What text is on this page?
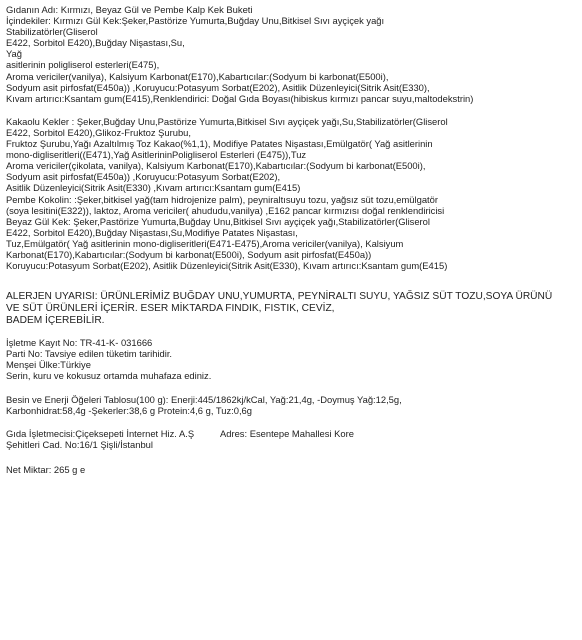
Gıdanın Adı: Kırmızı, Beyaz Gül ve Pembe Kalp Kek Buketi
İçindekiler: Kırmızı Gül Kek:Şeker,Pastörize Yumurta,Buğday Unu,Bitkisel Sıvı ayçiçek yağı
Stabilizatörler(Gliserol
E422, Sorbitol E420),Buğday Nişastası,Su,
Yağ
asitlerinin poligliserol esterleri(E475),
Aroma vericiler(vanilya), Kalsiyum Karbonat(E170),Kabartıcılar:(Sodyum bi karbonat(E500i),
Sodyum asit pirfosfat(E450a)) ,Koruyucu:Potasyum Sorbat(E202), Asitlik Düzenleyici(Sitrik Asit(E330),
Kıvam artırıcı:Ksantam gum(E415),Renklendirici: Doğal Gıda Boyası(hibiskus kırmızı pancar suyu,maltodekstrin)
Kakaolu Kekler : Şeker,Buğday Unu,Pastörize Yumurta,Bitkisel Sıvı ayçiçek yağı,Su,Stabilizatörler(Gliserol
E422, Sorbitol E420),Glikoz-Fruktoz Şurubu,
Fruktoz Şurubu,Yağı Azaltılmış Toz Kakao(%1,1), Modifiye Patates Nişastası,Emülgatör( Yağ asitlerinin
mono-digliseritleri((E471),Yağ AsitlerininPoligliserol Esterleri (E475)),Tuz
Aroma vericiler(çikolata, vanilya), Kalsiyum Karbonat(E170),Kabartıcılar:(Sodyum bi karbonat(E500i),
Sodyum asit pirfosfat(E450a)) ,Koruyucu:Potasyum Sorbat(E202),
Asitlik Düzenleyici(Sitrik Asit(E330) ,Kıvam artırıcı:Ksantam gum(E415)
Pembe Kokolin: :Şeker,bitkisel yağ(tam hidrojenize palm), peyniraltısuyu tozu, yağsız süt tozu,emülgatör
(soya lesitini(E322)), laktoz, Aroma vericiler( ahududu,vanilya) ,E162 pancar kırmızısı doğal renklendiricisi
Beyaz Gül Kek: Şeker,Pastörize Yumurta,Buğday Unu,Bitkisel Sıvı ayçiçek yağı,Stabilizatörler(Gliserol
E422, Sorbitol E420),Buğday Nişastası,Su,Modifiye Patates Nişastası,
Tuz,Emülgatör( Yağ asitlerinin mono-digliseritleri(E471-E475),Aroma vericiler(vanilya), Kalsiyum
Karbonat(E170),Kabartıcılar:(Sodyum bi karbonat(E500i), Sodyum asit pirfosfat(E450a))
Koruyucu:Potasyum Sorbat(E202), Asitlik Düzenleyici(Sitrik Asit(E330), Kıvam artırıcı:Ksantam gum(E415)
ALERJEN UYARISI: ÜRÜNLERİMİZ BUĞDAY UNU,YUMURTA, PEYNİRALTI SUYU, YAĞSIZ SÜT TOZU,SOYA ÜRÜNÜ
VE SÜT ÜRÜNLERİ İÇERİR. ESER MİKTARDA FINDIK, FISTIK, CEVİZ,
BADEM İÇEREBİLİR.
İşletme Kayıt No: TR-41-K- 031666
Parti No: Tavsiye edilen tüketim tarihidir.
Menşei Ülke:Türkiye
Serin, kuru ve kokusuz ortamda muhafaza ediniz.
Besin ve Enerji Öğeleri Tablosu(100 g): Enerji:445/1862kj/kCal, Yağ:21,4g, -Doymuş Yağ:12,5g,
Karbonhidrat:58,4g -Şekerler:38,6 g Protein:4,6 g, Tuz:0,6g
Gıda İşletmecisi:Çiçeksepeti İnternet Hiz. A.Ş	Adres: Esentepe Mahallesi Kore
Şehitleri Cad. No:16/1 Şişli/İstanbul
Net Miktar: 265 g e
